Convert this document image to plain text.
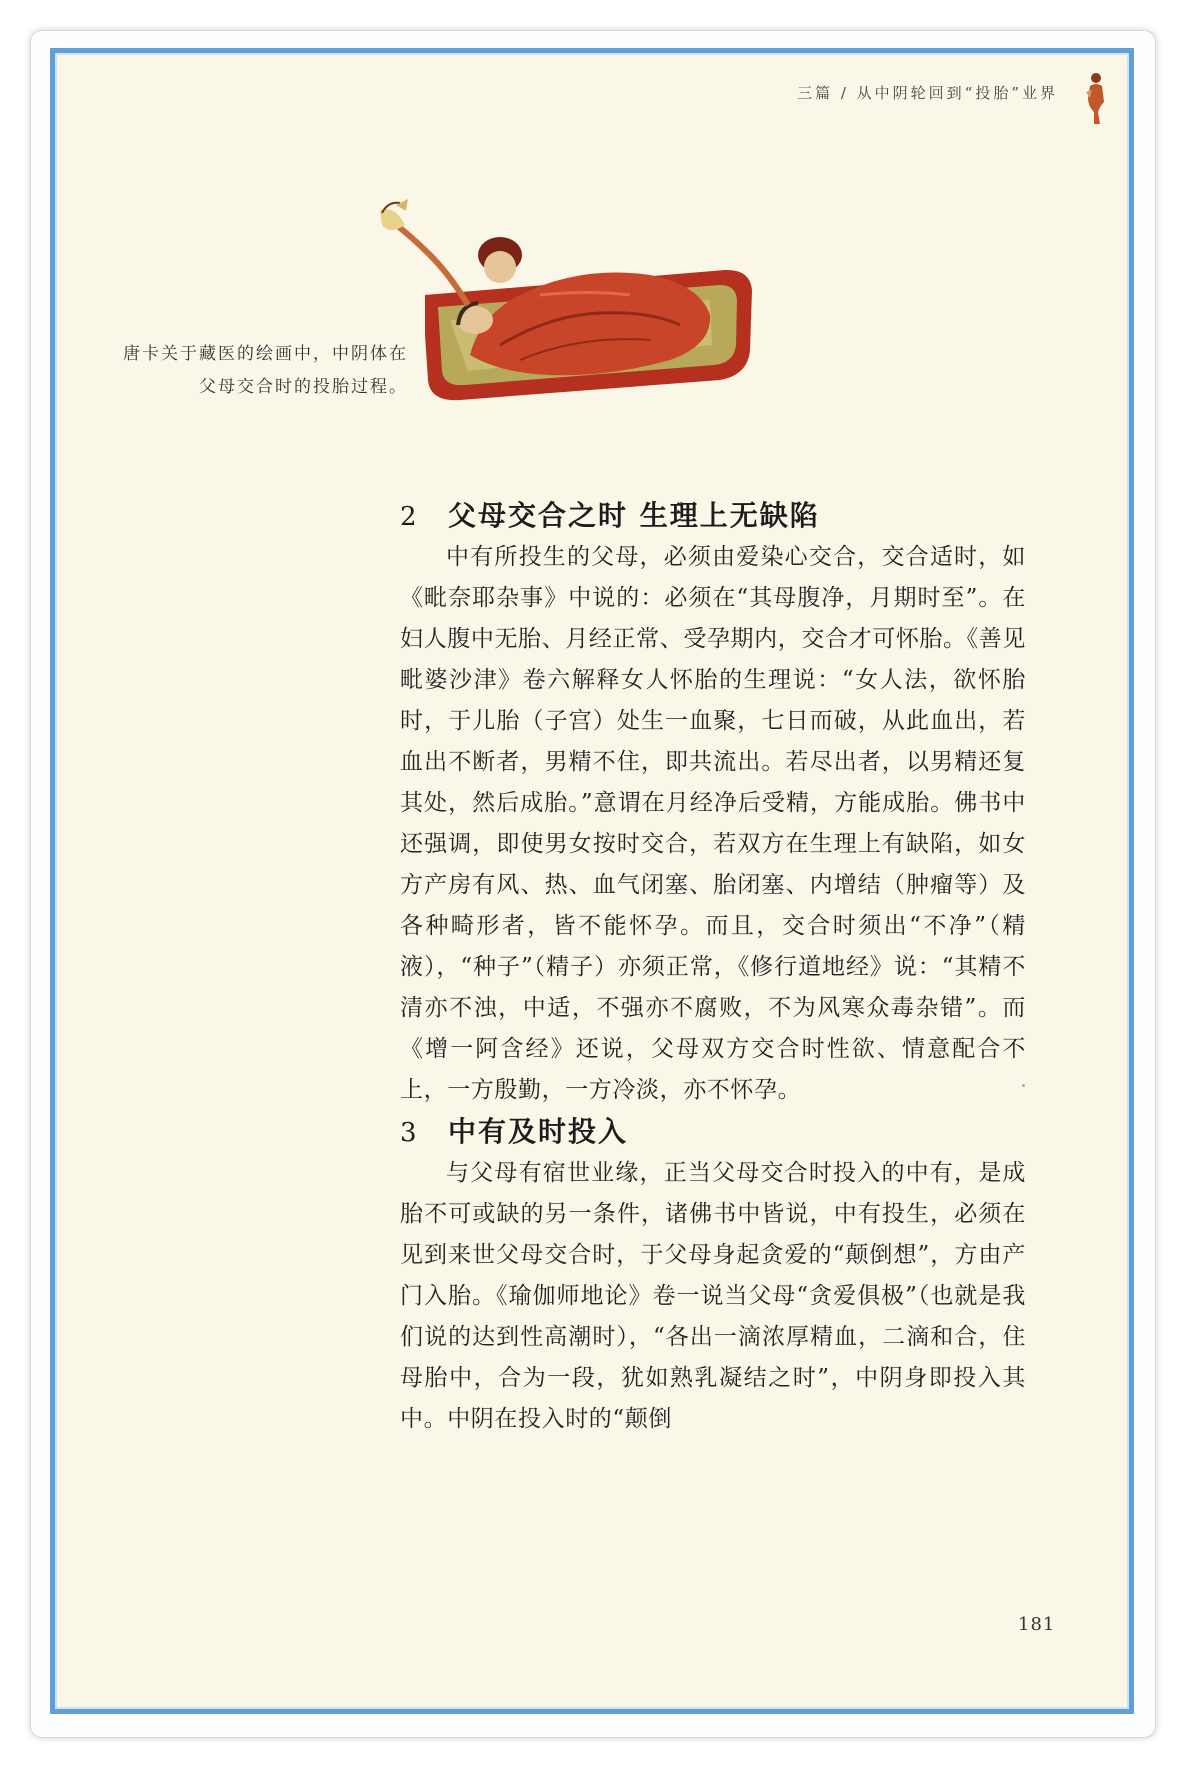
三篇 / 从中阴轮回到“投胎”业界
唐卡关于藏医的绘画中，中阴体在父母交合时的投胎过程。
2 父母交合之时 生理上无缺陷

中有所投生的父母，必须由爱染心交合，交合适时，如《毗奈耶杂事》中说的：必须在“其母腹净，月期时至”。在妇人腹中无胎、月经正常、受孕期内，交合才可怀胎。《善见毗婆沙津》卷六解释女人怀胎的生理说：“女人法，欲怀胎时，于儿胎（子宫）处生一血聚，七日而破，从此血出，若血出不断者，男精不住，即共流出。若尽出者，以男精还复其处，然后成胎。”意谓在月经净后受精，方能成胎。佛书中还强调，即使男女按时交合，若双方在生理上有缺陷，如女方产房有风、热、血气闭塞、胎闭塞、内增结（肿瘤等）及各种畸形者，皆不能怀孕。而且，交合时须出“不净”（精液），“种子”（精子）亦须正常，《修行道地经》说：“其精不清亦不浊，中适，不强亦不腐败，不为风寒众毒杂错”。而《增一阿含经》还说，父母双方交合时性欲、情意配合不上，一方殷勤，一方冷淡，亦不怀孕。

3 中有及时投入

与父母有宿世业缘，正当父母交合时投入的中有，是成胎不可或缺的另一条件，诸佛书中皆说，中有投生，必须在见到来世父母交合时，于父母身起贪爱的“颠倒想”，方由产门入胎。《瑜伽师地论》卷一说当父母“贪爱俱极”（也就是我们说的达到性高潮时），“各出一滴浓厚精血，二滴和合，住母胎中，合为一段，犹如熟乳凝结之时”，中阴身即投入其中。中阴在投入时的“颠倒

181
